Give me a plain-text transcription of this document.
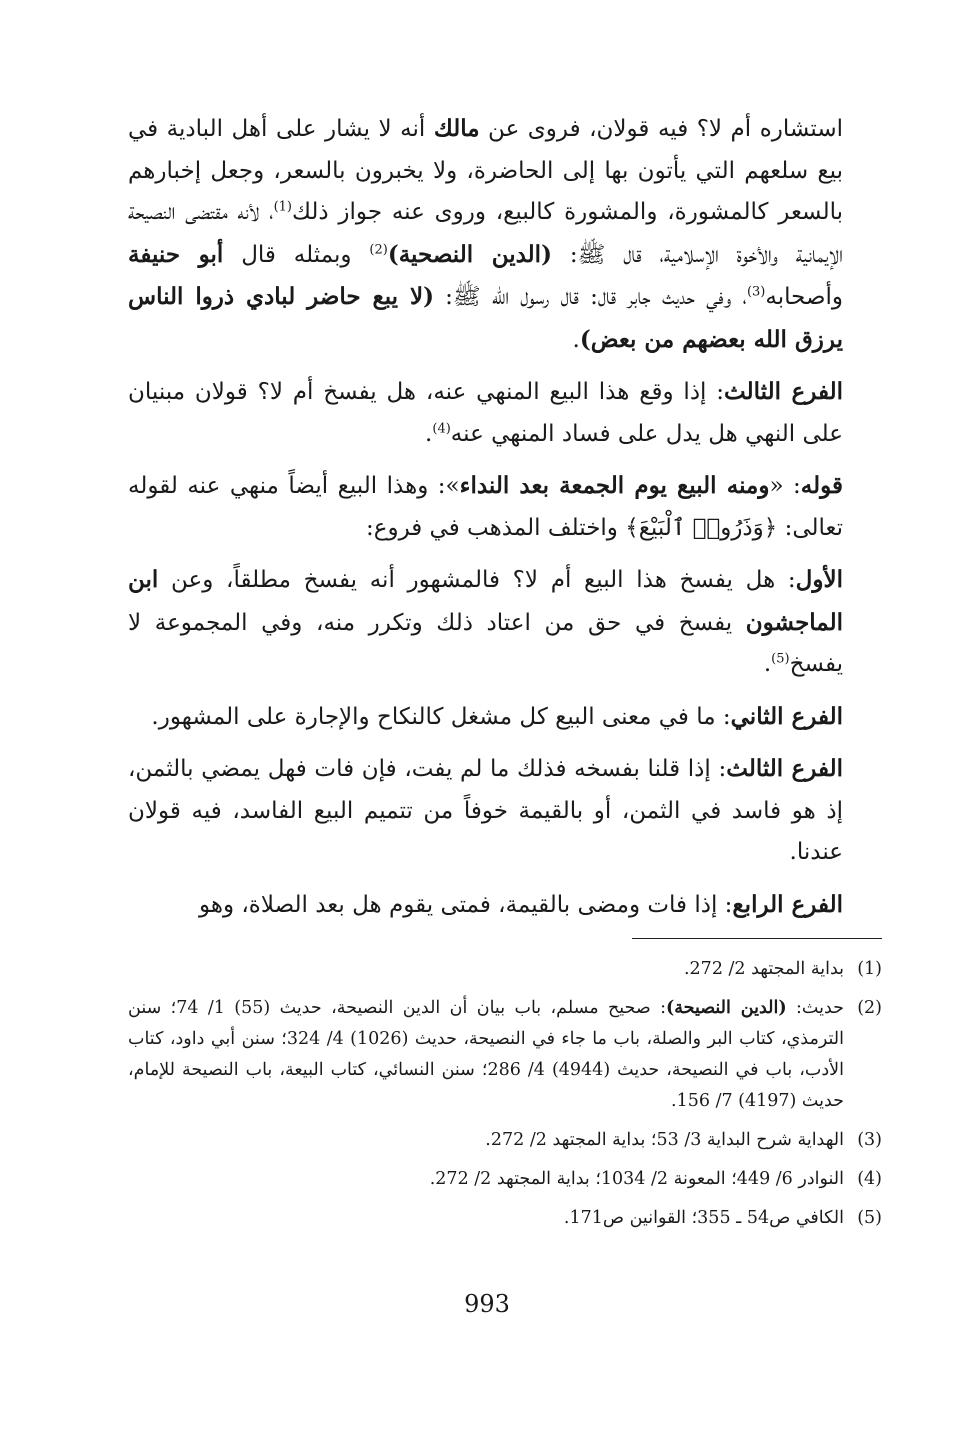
استشاره أم لا؟ فيه قولان، فروى عن مالك أنه لا يشار على أهل البادية في بيع سلعهم التي يأتون بها إلى الحاضرة، ولا يخبرون بالسعر، وجعل إخبارهم بالسعر كالمشورة، والمشورة كالبيع، وروى عنه جواز ذلك$^{(1)}$، لأنه مقتضى النصيحة الإيمانية والأخوة الإسلامية، قال ﷺ: (الدين النصحية)$^{(2)}$ وبمثله قال أبو حنيفة وأصحابه$^{(3)}$، وفي حديث جابر قال: قال رسول الله ﷺ: (لا يبع حاضر لبادي ذروا الناس يرزق الله بعضهم من بعض).

الفرع الثالث: إذا وقع هذا البيع المنهي عنه، هل يفسخ أم لا؟ قولان مبنيان على النهي هل يدل على فساد المنهي عنه$^{(4)}$.

قوله: «ومنه البيع يوم الجمعة بعد النداء»: وهذا البيع أيضاً منهي عنه لقوله تعالى: ﴿وَذَرُوا۟ ٱلْبَيْعَ﴾ واختلف المذهب في فروع:

الأول: هل يفسخ هذا البيع أم لا؟ فالمشهور أنه يفسخ مطلقاً، وعن ابن الماجشون يفسخ في حق من اعتاد ذلك وتكرر منه، وفي المجموعة لا يفسخ$^{(5)}$.

الفرع الثاني: ما في معنى البيع كل مشغل كالنكاح والإجارة على المشهور.

الفرع الثالث: إذا قلنا بفسخه فذلك ما لم يفت، فإن فات فهل يمضي بالثمن، إذ هو فاسد في الثمن، أو بالقيمة خوفاً من تتميم البيع الفاسد، فيه قولان عندنا.

الفرع الرابع: إذا فات ومضى بالقيمة، فمتى يقوم هل بعد الصلاة، وهو

(1)
بداية المجتهد 2/ 272.
(2)
حديث: (الدين النصيحة): صحيح مسلم، باب بيان أن الدين النصيحة، حديث (55) 1/ 74؛ سنن الترمذي، كتاب البر والصلة، باب ما جاء في النصيحة، حديث (1026) 4/ 324؛ سنن أبي داود، كتاب الأدب، باب في النصيحة، حديث (4944) 4/ 286؛ سنن النسائي، كتاب البيعة، باب النصيحة للإمام، حديث (4197) 7/ 156.
(3)
الهداية شرح البداية 3/ 53؛ بداية المجتهد 2/ 272.
(4)
النوادر 6/ 449؛ المعونة 2/ 1034؛ بداية المجتهد 2/ 272.
(5)
الكافي ص54 ـ 355؛ القوانين ص171.
993
